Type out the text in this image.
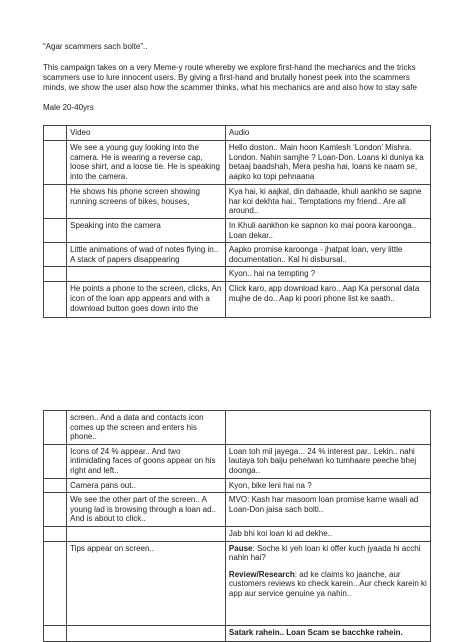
“Agar scammers sach bolte”..
This campaign takes on a very Meme-y route whereby we explore first-hand the mechanics and the tricks scammers use to lure innocent users. By giving a first-hand and brutally honest peek into the scammers minds, we show the user also how the scammer thinks, what his mechanics are and also how to stay safe
Male 20-40yrs
	Video	Audio
	We see a young guy looking into the camera. He is wearing a reverse cap, loose shirt, and a loose tie. He is speaking into the camera.	Hello doston.. Main hoon Kamlesh ‘London’ Mishra. London. Nahin samjhe ? Loan-Don. Loans ki duniya ka betaaj baadshah, Mera pesha hai, loans ke naam se, aapko ko topi pehnaana
	He shows his phone screen showing running screens of bikes, houses,	Kya hai, ki aajkal, din dahaade, khuli aankho se sapne har koi dekhta hai.. Temptations my friend.. Are all around..
	Speaking into the camera	In Khuli aankhon ke sapnon ko mai poora karoonga.. Loan dekar..
	Little animations of wad of notes flying in.. A stack of papers disappearing	Aapko promise karoonga - jhatpat loan, very little documentation.. Kal hi disbursal..
		Kyon.. hai na tempting ?
	He points a phone to the screen, clicks, An icon of the loan app appears and with a download button goes down into the	Click karo, app download karo.. Aap Ka personal data mujhe de do.. Aap ki poori phone list ke saath..
	screen.. And a data and contacts icon comes up the screen and enters his phone..	
	Icons of 24 % appear.. And two intimidating faces of goons appear on his right and left..	Loan toh mil jayega... 24 % interest par.. Lekin.. nahi lautaya toh baiju pehelwan ko tumhaare peeche bhej doonga..
	Camera pans out..	Kyon, bike leni hai na ?
	We see the other part of the screen.. A young lad is browsing through a loan ad.. And is about to click..	MVO: Kash har masoom loan promise karne waali ad Loan-Don jaisa sach bolti..
		Jab bhi koi loan ki ad dekhe..
	Tips appear on screen..	Pause: Soche ki yeh loan ki offer kuch jyaada hi acchi nahin hai?
Review/Research: ad ke claims ko jaanche, aur customers reviews ko check karein.. Aur check karein ki app aur service genuine ya nahin..

		Satark rahein.. Loan Scam se bacchke rahein.
